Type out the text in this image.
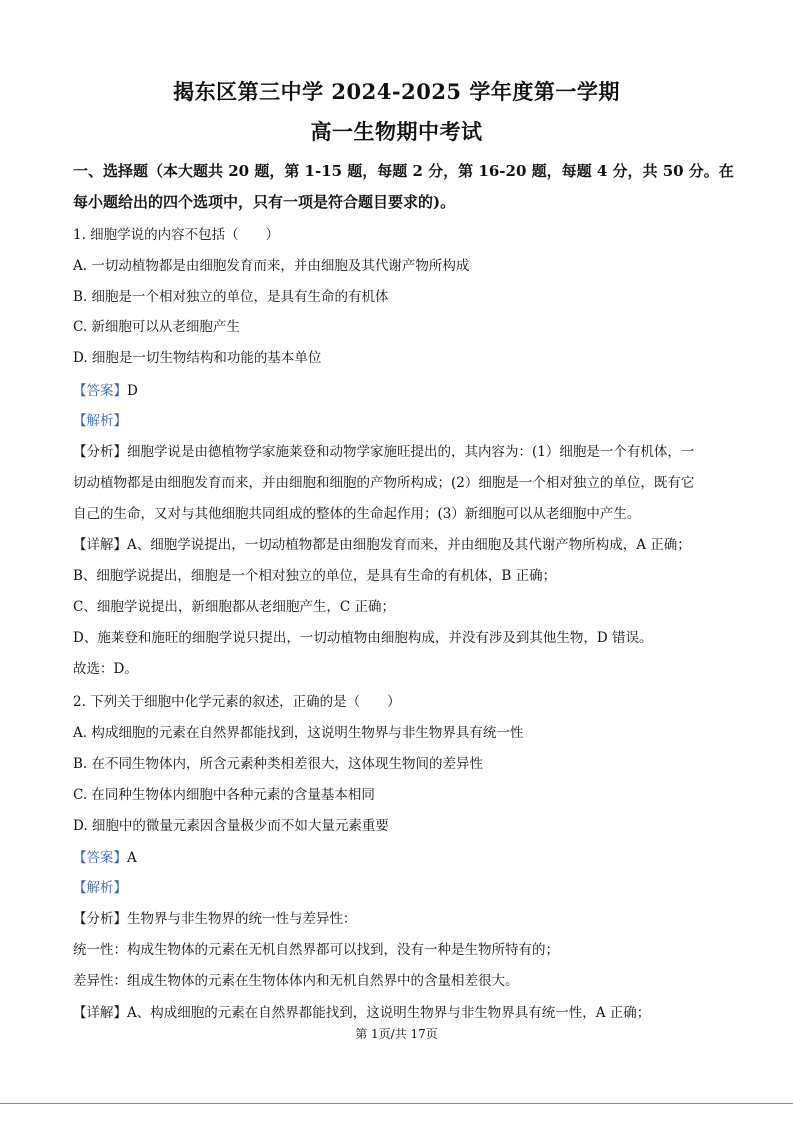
揭东区第三中学 2024-2025 学年度第一学期
高一生物期中考试
一、选择题（本大题共 20 题，第 1-15 题，每题 2 分，第 16-20 题，每题 4 分，共 50 分。在
每小题给出的四个选项中，只有一项是符合题目要求的)。
1. 细胞学说的内容不包括（　　）
A. 一切动植物都是由细胞发育而来，并由细胞及其代谢产物所构成
B. 细胞是一个相对独立的单位，是具有生命的有机体
C. 新细胞可以从老细胞产生
D. 细胞是一切生物结构和功能的基本单位
【答案】D
【解析】
【分析】细胞学说是由德植物学家施莱登和动物学家施旺提出的，其内容为：(1）细胞是一个有机体，一
切动植物都是由细胞发育而来，并由细胞和细胞的产物所构成；(2）细胞是一个相对独立的单位，既有它
自己的生命，又对与其他细胞共同组成的整体的生命起作用；(3）新细胞可以从老细胞中产生。
【详解】A、细胞学说提出，一切动植物都是由细胞发育而来，并由细胞及其代谢产物所构成，A 正确；
B、细胞学说提出，细胞是一个相对独立的单位，是具有生命的有机体，B 正确；
C、细胞学说提出，新细胞都从老细胞产生，C 正确；
D、施莱登和施旺的细胞学说只提出，一切动植物由细胞构成，并没有涉及到其他生物，D 错误。
故选：D。
2. 下列关于细胞中化学元素的叙述，正确的是（　　）
A. 构成细胞的元素在自然界都能找到，这说明生物界与非生物界具有统一性
B. 在不同生物体内，所含元素种类相差很大，这体现生物间的差异性
C. 在同种生物体内细胞中各种元素的含量基本相同
D. 细胞中的微量元素因含量极少而不如大量元素重要
【答案】A
【解析】
【分析】生物界与非生物界的统一性与差异性：
统一性：构成生物体的元素在无机自然界都可以找到，没有一种是生物所特有的；
差异性：组成生物体的元素在生物体体内和无机自然界中的含量相差很大。
【详解】A、构成细胞的元素在自然界都能找到，这说明生物界与非生物界具有统一性，A 正确；
第 1页/共 17页
